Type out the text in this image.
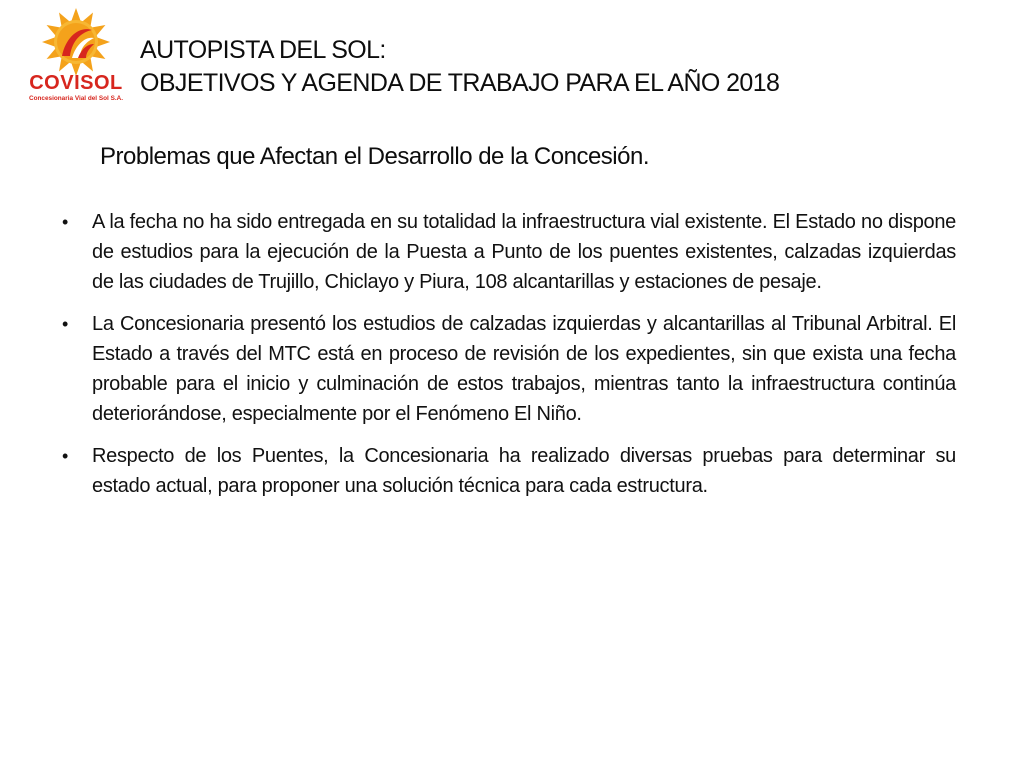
COVISOL
Concesionaria Vial del Sol S.A.
AUTOPISTA DEL SOL:
OBJETIVOS Y AGENDA DE TRABAJO PARA EL AÑO 2018
Problemas que Afectan el Desarrollo de la Concesión.
• A la fecha no ha sido entregada en su totalidad la infraestructura vial existente. El Estado no dispone de estudios para la ejecución de la Puesta a Punto de los puentes existentes, calzadas izquierdas de las ciudades de Trujillo, Chiclayo y Piura, 108 alcantarillas y estaciones de pesaje.
• La Concesionaria presentó los estudios de calzadas izquierdas y alcantarillas al Tribunal Arbitral. El Estado a través del MTC está en proceso de revisión de los expedientes, sin que exista una fecha probable para el inicio y culminación de estos trabajos, mientras tanto la infraestructura continúa deteriorándose, especialmente por el Fenómeno El Niño.
• Respecto de los Puentes, la Concesionaria ha realizado diversas pruebas para determinar su estado actual, para proponer una solución técnica para cada estructura.
